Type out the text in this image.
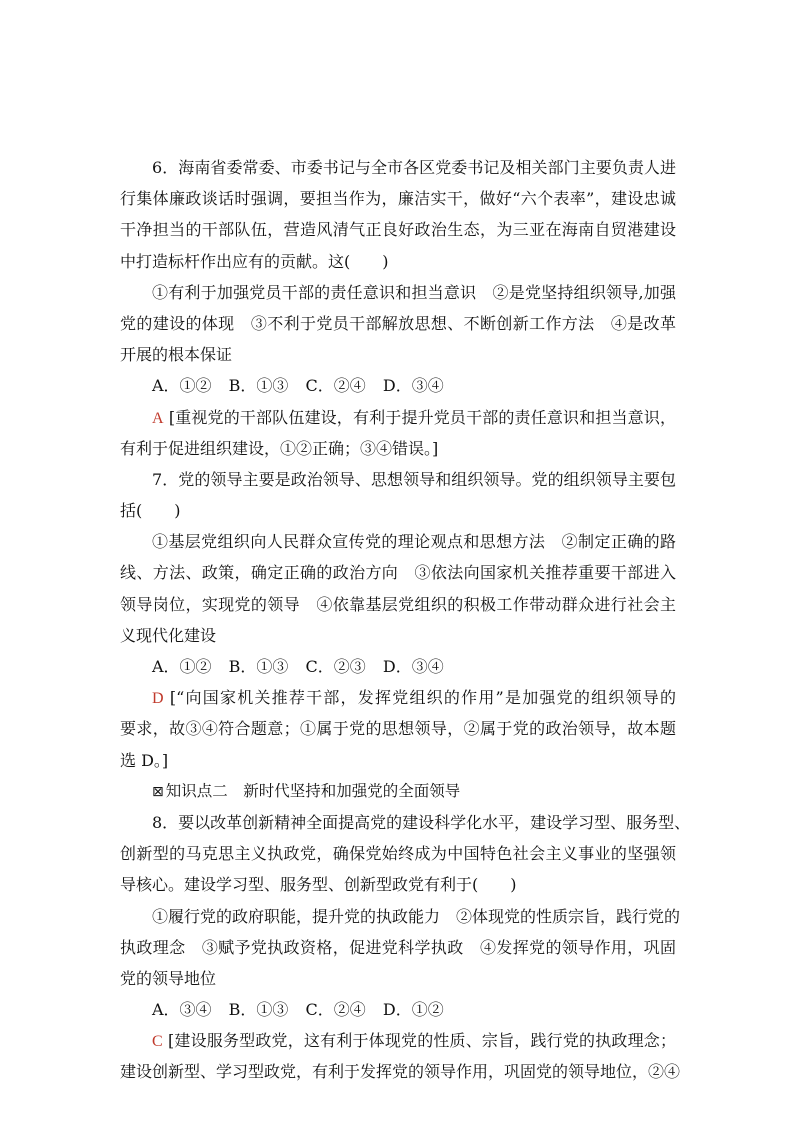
6．海南省委常委、市委书记与全市各区党委书记及相关部门主要负责人进
行集体廉政谈话时强调，要担当作为，廉洁实干，做好“六个表率”，建设忠诚
干净担当的干部队伍，营造风清气正良好政治生态，为三亚在海南自贸港建设
中打造标杆作出应有的贡献。这(　　)
①有利于加强党员干部的责任意识和担当意识　②是党坚持组织领导,加强
党的建设的体现　③不利于党员干部解放思想、不断创新工作方法　④是改革
开展的根本保证
A．①② B．①③ C．②④ D．③④
A [重视党的干部队伍建设，有利于提升党员干部的责任意识和担当意识，
有利于促进组织建设，①②正确；③④错误。]
7．党的领导主要是政治领导、思想领导和组织领导。党的组织领导主要包
括(　　)
①基层党组织向人民群众宣传党的理论观点和思想方法　②制定正确的路
线、方法、政策，确定正确的政治方向　③依法向国家机关推荐重要干部进入
领导岗位，实现党的领导　④依靠基层党组织的积极工作带动群众进行社会主
义现代化建设
A．①② B．①③ C．②③ D．③④
D [“向国家机关推荐干部，发挥党组织的作用”是加强党的组织领导的
要求，故③④符合题意；①属于党的思想领导，②属于党的政治领导，故本题
选 D。]
⊠ 知识点二　新时代坚持和加强党的全面领导
8．要以改革创新精神全面提高党的建设科学化水平，建设学习型、服务型、
创新型的马克思主义执政党，确保党始终成为中国特色社会主义事业的坚强领
导核心。建设学习型、服务型、创新型政党有利于(　　)
①履行党的政府职能，提升党的执政能力　②体现党的性质宗旨，践行党的
执政理念　③赋予党执政资格，促进党科学执政　④发挥党的领导作用，巩固
党的领导地位
A．③④ B．①③ C．②④ D．①②
C [建设服务型政党，这有利于体现党的性质、宗旨，践行党的执政理念；
建设创新型、学习型政党，有利于发挥党的领导作用，巩固党的领导地位，②④
